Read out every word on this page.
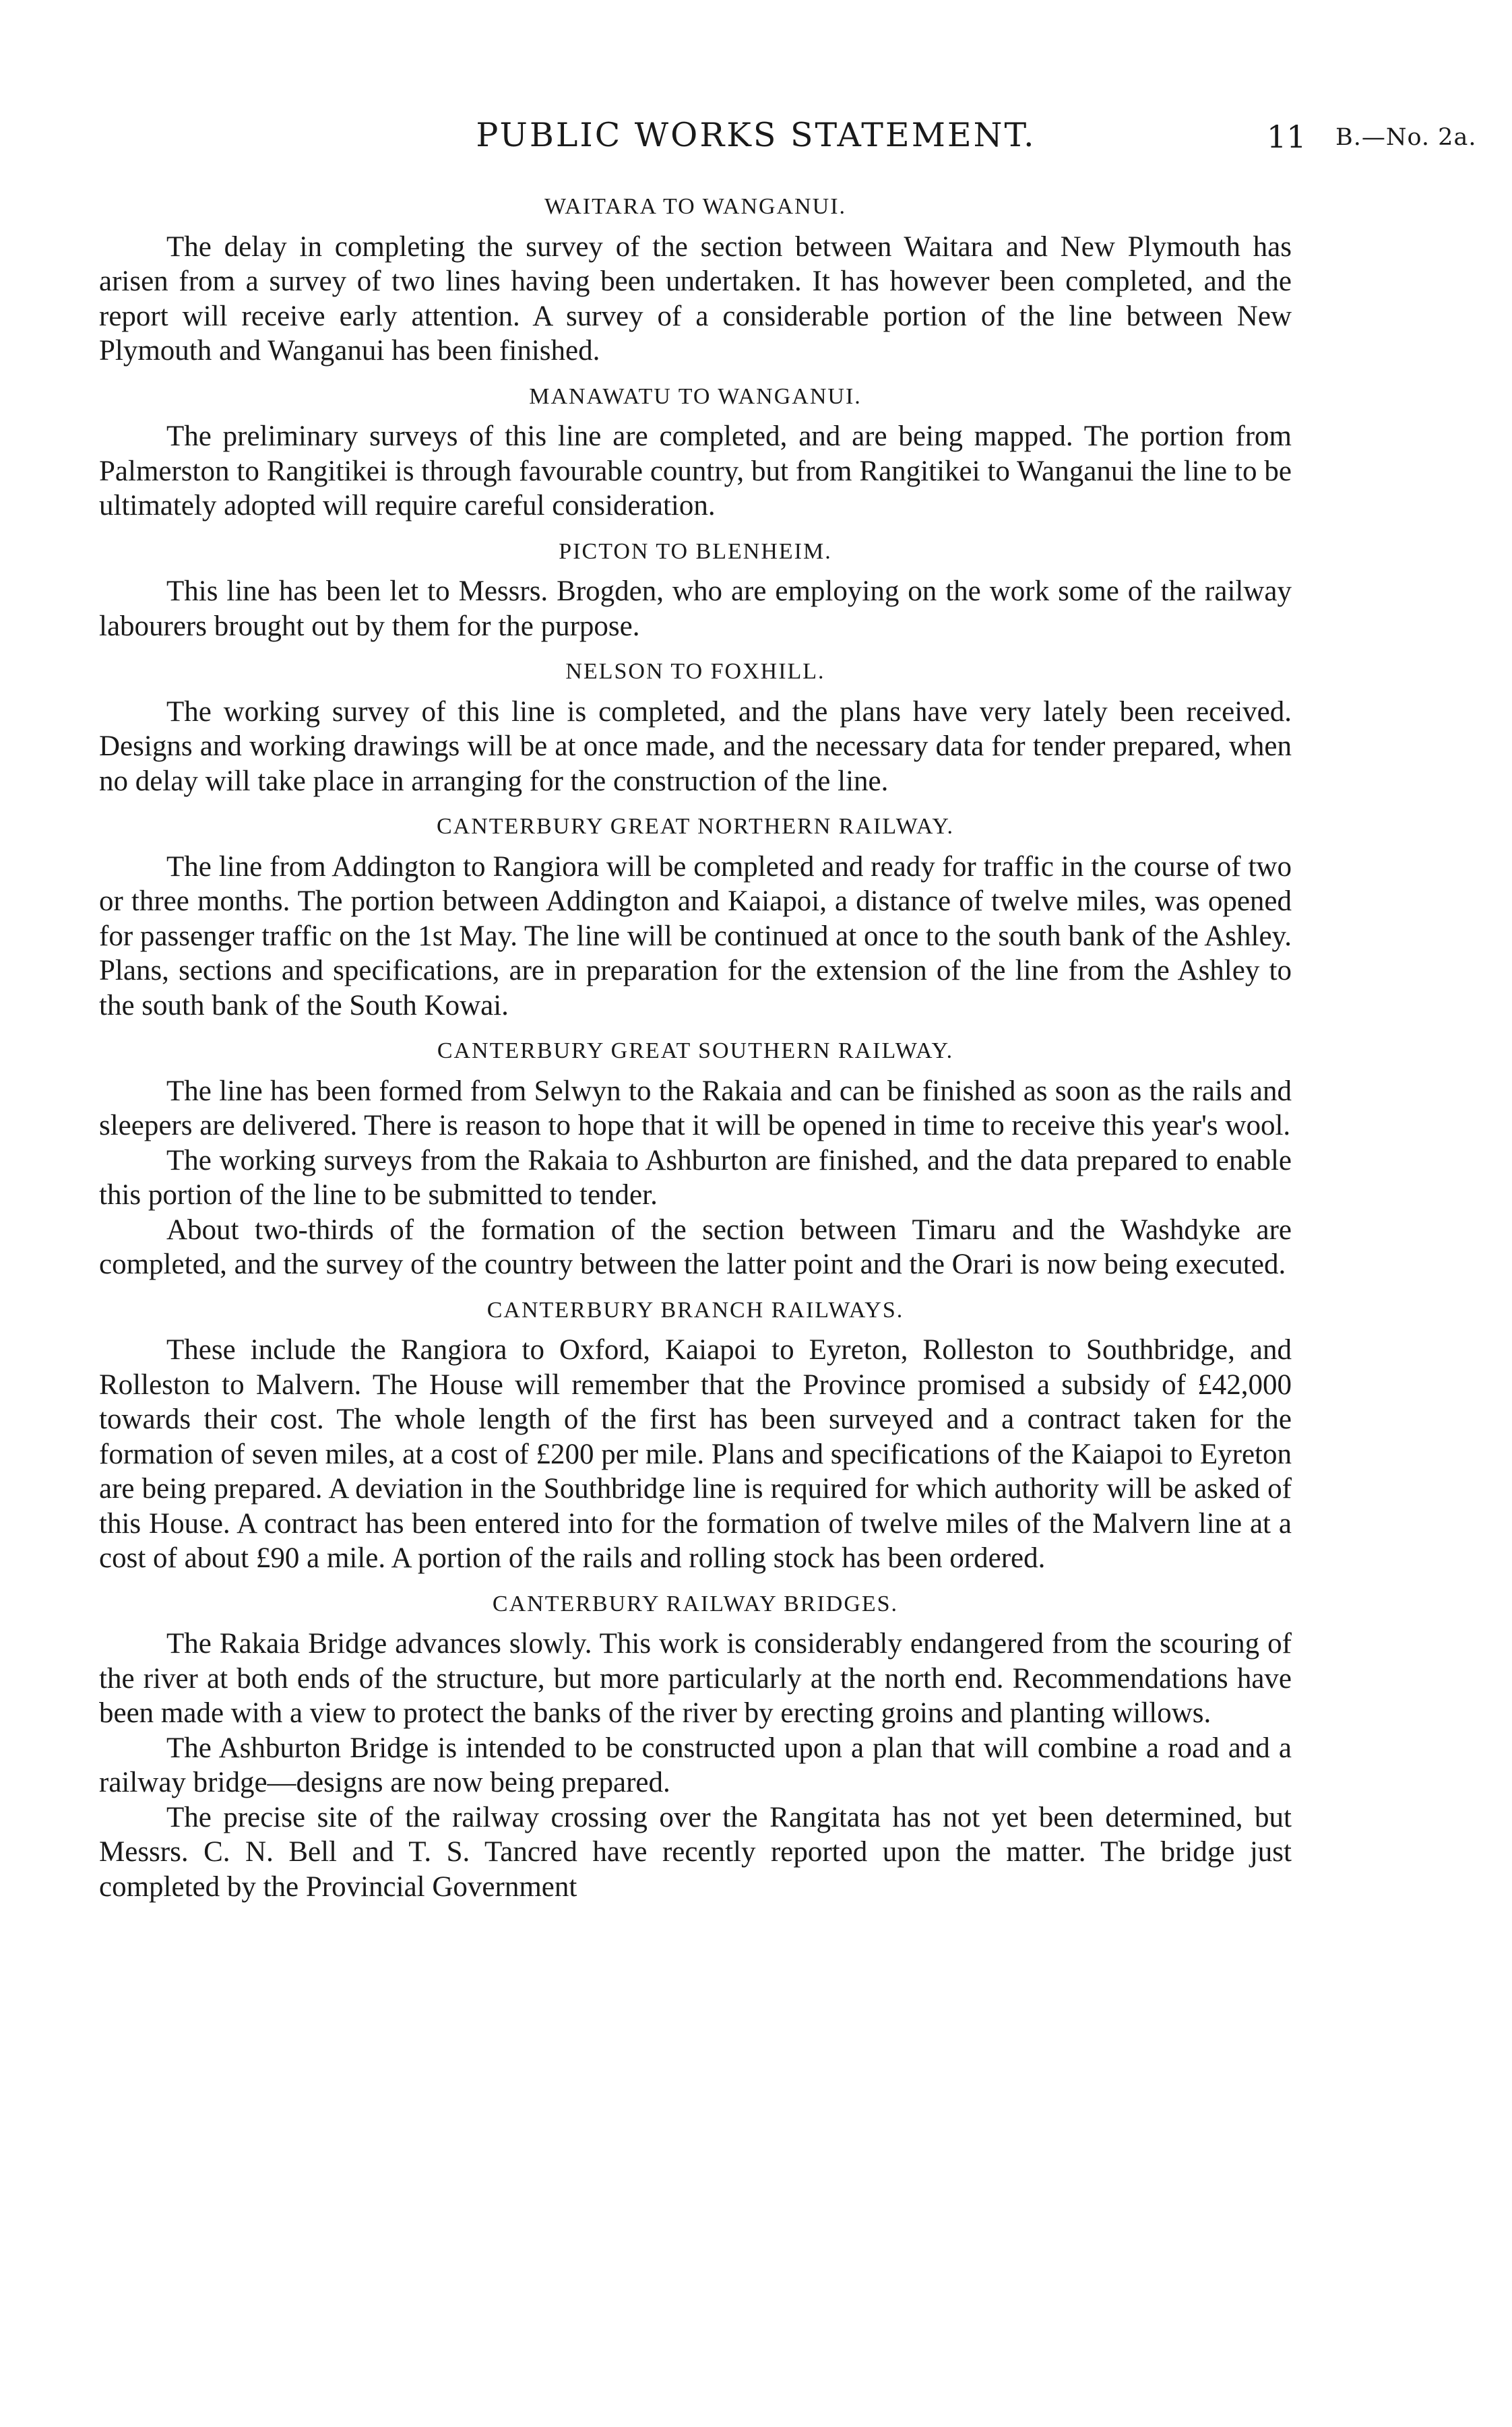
PUBLIC WORKS STATEMENT.	11 B.—No. 2a.
WAITARA TO WANGANUI.

The delay in completing the survey of the section between Waitara and New Plymouth has arisen from a survey of two lines having been undertaken. It has however been completed, and the report will receive early attention. A survey of a considerable portion of the line between New Plymouth and Wanganui has been finished.

MANAWATU TO WANGANUI.

The preliminary surveys of this line are completed, and are being mapped. The portion from Palmerston to Rangitikei is through favourable country, but from Rangitikei to Wanganui the line to be ultimately adopted will require careful consideration.

PICTON TO BLENHEIM.

This line has been let to Messrs. Brogden, who are employing on the work some of the railway labourers brought out by them for the purpose.

NELSON TO FOXHILL.

The working survey of this line is completed, and the plans have very lately been received. Designs and working drawings will be at once made, and the necessary data for tender prepared, when no delay will take place in arranging for the construction of the line.

CANTERBURY GREAT NORTHERN RAILWAY.

The line from Addington to Rangiora will be completed and ready for traffic in the course of two or three months. The portion between Addington and Kaiapoi, a distance of twelve miles, was opened for passenger traffic on the 1st May. The line will be continued at once to the south bank of the Ashley. Plans, sections and specifications, are in preparation for the extension of the line from the Ashley to the south bank of the South Kowai.

CANTERBURY GREAT SOUTHERN RAILWAY.

The line has been formed from Selwyn to the Rakaia and can be finished as soon as the rails and sleepers are delivered. There is reason to hope that it will be opened in time to receive this year's wool.

The working surveys from the Rakaia to Ashburton are finished, and the data prepared to enable this portion of the line to be submitted to tender.

About two-thirds of the formation of the section between Timaru and the Washdyke are completed, and the survey of the country between the latter point and the Orari is now being executed.

CANTERBURY BRANCH RAILWAYS.

These include the Rangiora to Oxford, Kaiapoi to Eyreton, Rolleston to Southbridge, and Rolleston to Malvern. The House will remember that the Province promised a subsidy of £42,000 towards their cost. The whole length of the first has been surveyed and a contract taken for the formation of seven miles, at a cost of £200 per mile. Plans and specifications of the Kaiapoi to Eyreton are being prepared. A deviation in the Southbridge line is required for which authority will be asked of this House. A contract has been entered into for the formation of twelve miles of the Malvern line at a cost of about £90 a mile. A portion of the rails and rolling stock has been ordered.

CANTERBURY RAILWAY BRIDGES.

The Rakaia Bridge advances slowly. This work is considerably endangered from the scouring of the river at both ends of the structure, but more particularly at the north end. Recommendations have been made with a view to protect the banks of the river by erecting groins and planting willows.

The Ashburton Bridge is intended to be constructed upon a plan that will combine a road and a railway bridge—designs are now being prepared.

The precise site of the railway crossing over the Rangitata has not yet been determined, but Messrs. C. N. Bell and T. S. Tancred have recently reported upon the matter. The bridge just completed by the Provincial Government
